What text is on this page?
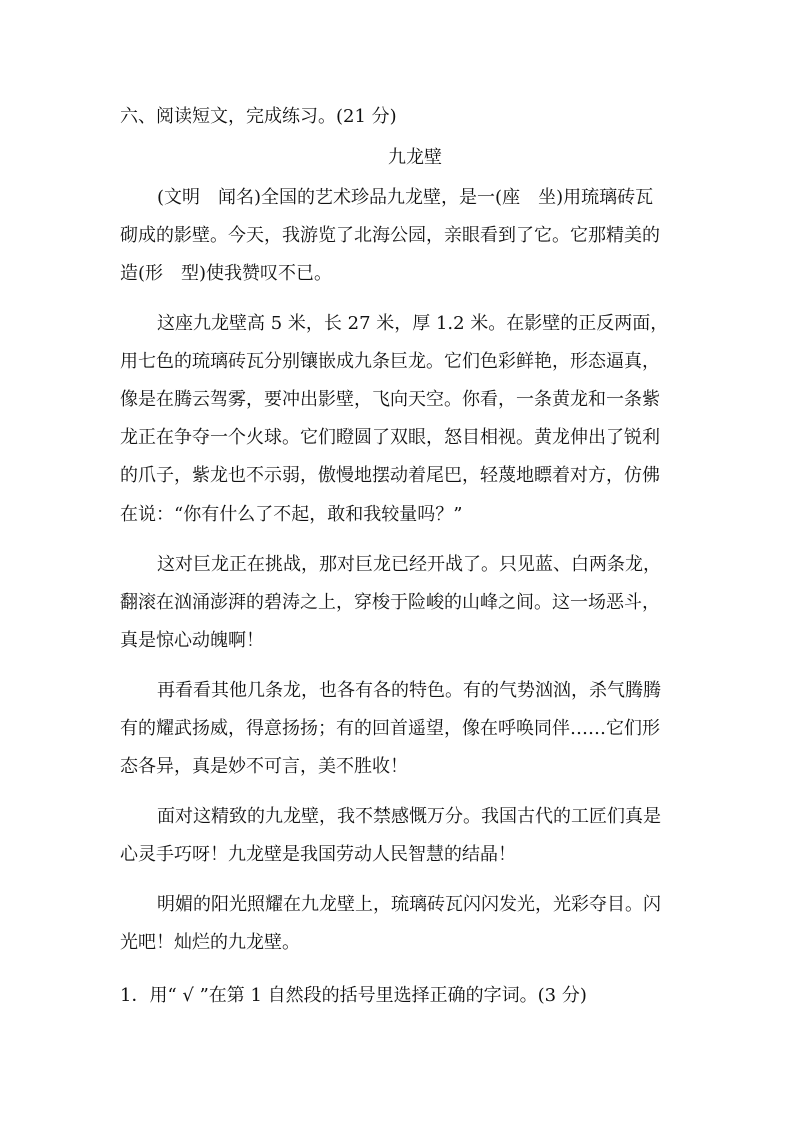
六、阅读短文，完成练习。(21 分)
九龙壁
(文明　闻名)全国的艺术珍品九龙壁，是一(座　坐)用琉璃砖瓦
砌成的影壁。今天，我游览了北海公园，亲眼看到了它。它那精美的
造(形　型)使我赞叹不已。
这座九龙壁高 5 米，长 27 米，厚 1.2 米。在影壁的正反两面，
用七色的琉璃砖瓦分别镶嵌成九条巨龙。它们色彩鲜艳，形态逼真，
像是在腾云驾雾，要冲出影壁，飞向天空。你看，一条黄龙和一条紫
龙正在争夺一个火球。它们瞪圆了双眼，怒目相视。黄龙伸出了锐利
的爪子，紫龙也不示弱，傲慢地摆动着尾巴，轻蔑地瞟着对方，仿佛
在说：“你有什么了不起，敢和我较量吗？”
这对巨龙正在挑战，那对巨龙已经开战了。只见蓝、白两条龙，
翻滚在汹涌澎湃的碧涛之上，穿梭于险峻的山峰之间。这一场恶斗，
真是惊心动魄啊！
再看看其他几条龙，也各有各的特色。有的气势汹汹，杀气腾腾
有的耀武扬威，得意扬扬；有的回首遥望，像在呼唤同伴……它们形
态各异，真是妙不可言，美不胜收！
面对这精致的九龙壁，我不禁感慨万分。我国古代的工匠们真是
心灵手巧呀！九龙壁是我国劳动人民智慧的结晶！
明媚的阳光照耀在九龙壁上，琉璃砖瓦闪闪发光，光彩夺目。闪
光吧！灿烂的九龙壁。
1．用“ √ ”在第 1 自然段的括号里选择正确的字词。(3 分)
